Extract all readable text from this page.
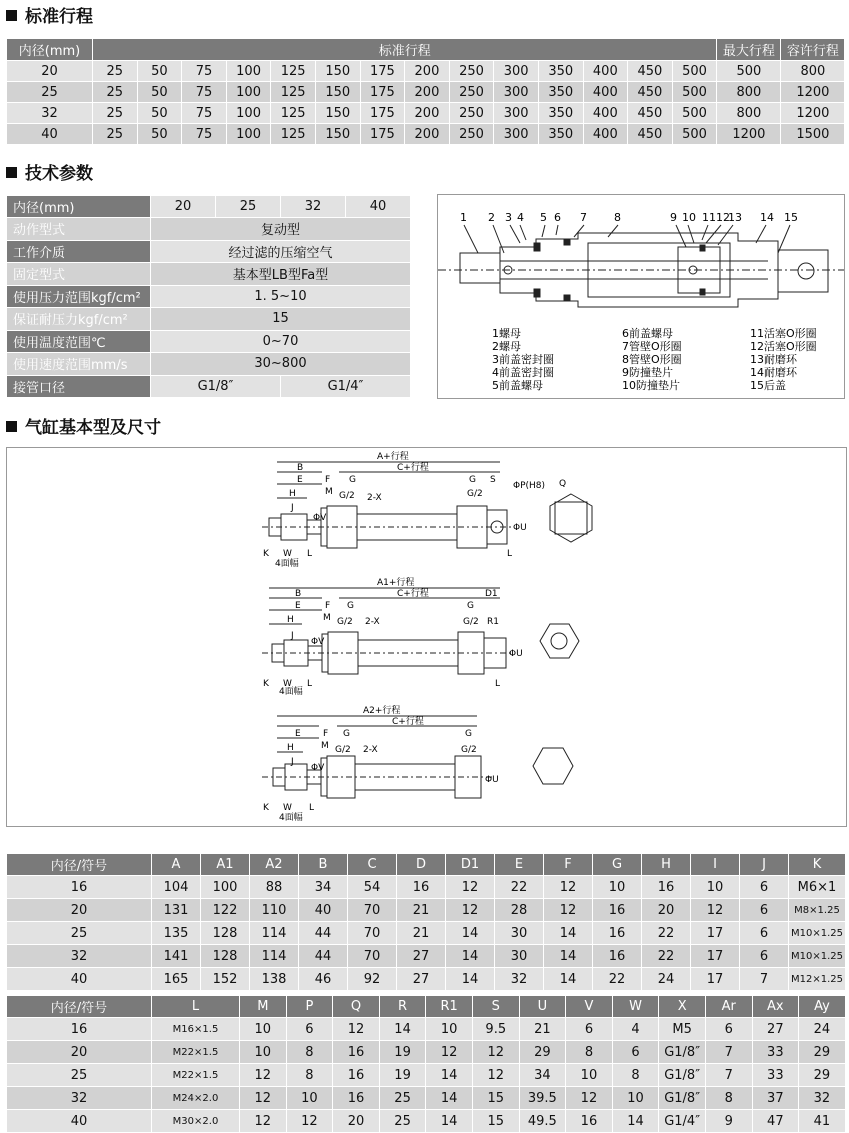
标准行程
内径(mm)	标准行程														最大行程	容许行程
20	25	50	75	100	125	150	175	200	250	300	350	400	450	500	500	800
25	25	50	75	100	125	150	175	200	250	300	350	400	450	500	800	1200
32	25	50	75	100	125	150	175	200	250	300	350	400	450	500	800	1200
40	25	50	75	100	125	150	175	200	250	300	350	400	450	500	1200	1500
技术参数
内径(mm)	20	25	32	40
动作型式	复动型			
工作介质	经过滤的压缩空气			
固定型式	基本型LB型Fa型			
使用压力范围kgf/cm²	1. 5~10			
保证耐压力kgf/cm²	15			
使用温度范围℃	0~70			
使用速度范围mm/s	30~800			
接管口径	G1/8″		G1/4″	
1 2 3 4 5 6 7 8	9 10 11 12
13 14 15
1螺母
2螺母
3前盖密封圈
4前盖密封圈
5前盖螺母
6前盖螺母
7管壁O形圈
8管壁O形圈
9防撞垫片
10防撞垫片
11活塞O形圈
12活塞O形圈
13耐磨环
14耐磨环
15后盖
气缸基本型及尺寸
A+行程
B	C+行程
E F G	G S
H	M G/2	G/2
2-X
ΦP(H8) Q
J
ΦV
ΦU
K W L	L
4面幅
A1+行程
B	C+行程	D1
E	F G	G
H	M G/2	G/2
2-X	R1
J
ΦV
ΦU
K W L	L
4面幅
A2+行程
C+行程
E F G	G
H	M G/2	G/2
2-X
J
ΦV
ΦU
K W L
4面幅
内径/符号	A	A1	A2	B	C	D	D1	E	F	G	H	I	J	K
16	104	100	88	34	54	16	12	22	12	10	16	10	6	M6×1
20	131	122	110	40	70	21	12	28	12	16	20	12	6	M8×1.25
25	135	128	114	44	70	21	14	30	14	16	22	17	6	M10×1.25
32	141	128	114	44	70	27	14	30	14	16	22	17	6	M10×1.25
40	165	152	138	46	92	27	14	32	14	22	24	17	7	M12×1.25
内径/符号	L	M	P	Q	R	R1	S	U	V	W	X	Ar	Ax	Ay
16	M16×1.5	10	6	12	14	10	9.5	21	6	4	M5	6	27	24
20	M22×1.5	10	8	16	19	12	12	29	8	6	G1/8″	7	33	29
25	M22×1.5	12	8	16	19	14	12	34	10	8	G1/8″	7	33	29
32	M24×2.0	12	10	16	25	14	15	39.5	12	10	G1/8″	8	37	32
40	M30×2.0	12	12	20	25	14	15	49.5	16	14	G1/4″	9	47	41
